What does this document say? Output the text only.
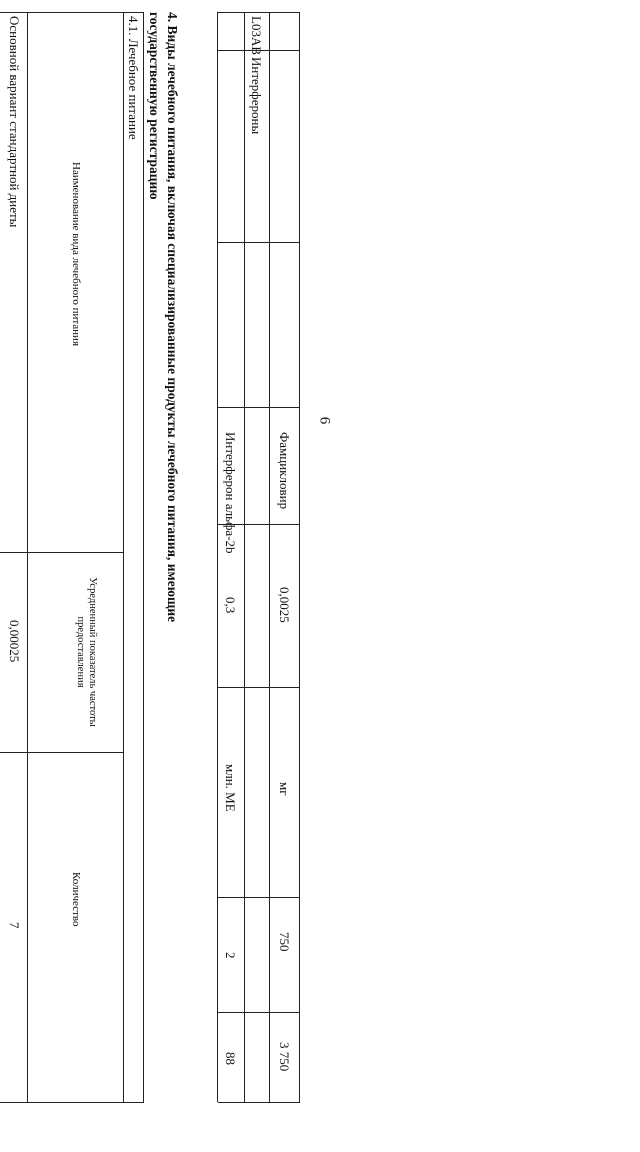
6
Фамцикловир
0,0025
мг
750
3 750
L03AB
Интерфероны
Интерферон альфа-2b
0,3
млн. МЕ
2
88
4. Виды лечебного питания, включая специализированные продукты лечебного питания, имеющие
государственную регистрацию
4.1. Лечебное питание
Наименование вида лечебного питания
Усредненный показатель частоты предоставления
Количество
Основной вариант стандартной диеты
0,00025
7
